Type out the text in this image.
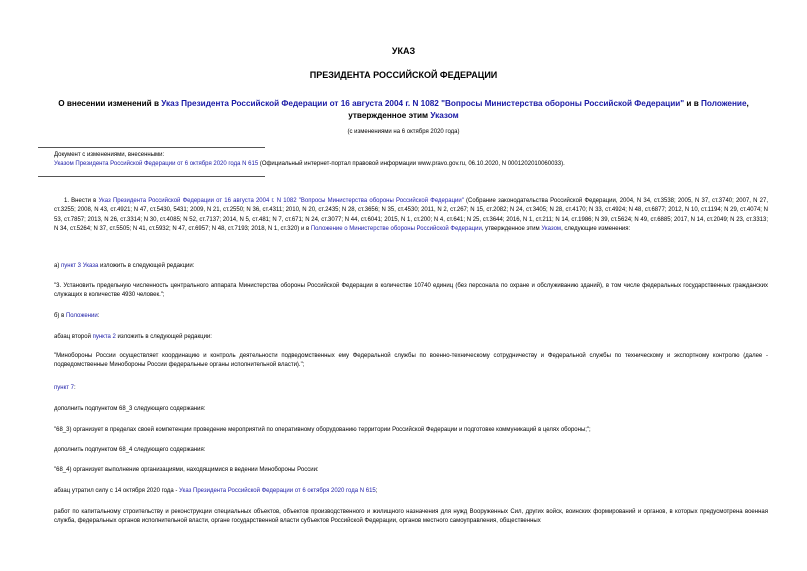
УКАЗ
ПРЕЗИДЕНТА РОССИЙСКОЙ ФЕДЕРАЦИИ
О внесении изменений в Указ Президента Российской Федерации от 16 августа 2004 г. N 1082 "Вопросы Министерства обороны Российской Федерации" и в Положение, утвержденное этим Указом
(с изменениями на 6 октября 2020 года)
Документ с изменениями, внесенными:
Указом Президента Российской Федерации от 6 октября 2020 года N 615 (Официальный интернет-портал правовой информации www.pravo.gov.ru, 06.10.2020, N 0001202010060033).
1. Внести в Указ Президента Российской Федерации от 16 августа 2004 г. N 1082 "Вопросы Министерства обороны Российской Федерации" (Собрание законодательства Российской Федерации, 2004, N 34, ст.3538; 2005, N 37, ст.3740; 2007, N 27, ст.3255; 2008, N 43, ст.4921; N 47, ст.5430, 5431; 2009, N 21, ст.2550; N 36, ст.4311; 2010, N 20, ст.2435; N 28, ст.3656; N 35, ст.4530; 2011, N 2, ст.267; N 15, ст.2082; N 24, ст.3405; N 28, ст.4170; N 33, ст.4924; N 48, ст.6877; 2012, N 10, ст.1194; N 29, ст.4074; N 53, ст.7857; 2013, N 26, ст.3314; N 30, ст.4085; N 52, ст.7137; 2014, N 5, ст.481; N 7, ст.671; N 24, ст.3077; N 44, ст.6041; 2015, N 1, ст.200; N 4, ст.641; N 25, ст.3644; 2016, N 1, ст.211; N 14, ст.1986; N 39, ст.5624; N 49, ст.6885; 2017, N 14, ст.2049; N 23, ст.3313; N 34, ст.5264; N 37, ст.5505; N 41, ст.5932; N 47, ст.6957; N 48, ст.7193; 2018, N 1, ст.320) и в Положение о Министерстве обороны Российской Федерации, утвержденное этим Указом, следующие изменения:
а) пункт 3 Указа изложить в следующей редакции:
"3. Установить предельную численность центрального аппарата Министерства обороны Российской Федерации в количестве 10740 единиц (без персонала по охране и обслуживанию зданий), в том числе федеральных государственных гражданских служащих в количестве 4930 человек.";
б) в Положении:
абзац второй пункта 2 изложить в следующей редакции:
"Минобороны России осуществляет координацию и контроль деятельности подведомственных ему Федеральной службы по военно-техническому сотрудничеству и Федеральной службы по техническому и экспортному контролю (далее - подведомственные Минобороны России федеральные органы исполнительной власти).";
пункт 7:
дополнить подпунктом 68_3 следующего содержания:
"68_3) организует в пределах своей компетенции проведение мероприятий по оперативному оборудованию территории Российской Федерации и подготовке коммуникаций в целях обороны;";
дополнить подпунктом 68_4 следующего содержания:
"68_4) организует выполнение организациями, находящимися в ведении Минобороны России:
абзац утратил силу с 14 октября 2020 года - Указ Президента Российской Федерации от 6 октября 2020 года N 615;
работ по капитальному строительству и реконструкции специальных объектов, объектов производственного и жилищного назначения для нужд Вооруженных Сил, других войск, воинских формирований и органов, в которых предусмотрена военная служба, федеральных органов исполнительной власти, органе государственной власти субъектов Российской Федерации, органов местного самоуправления, общественных
